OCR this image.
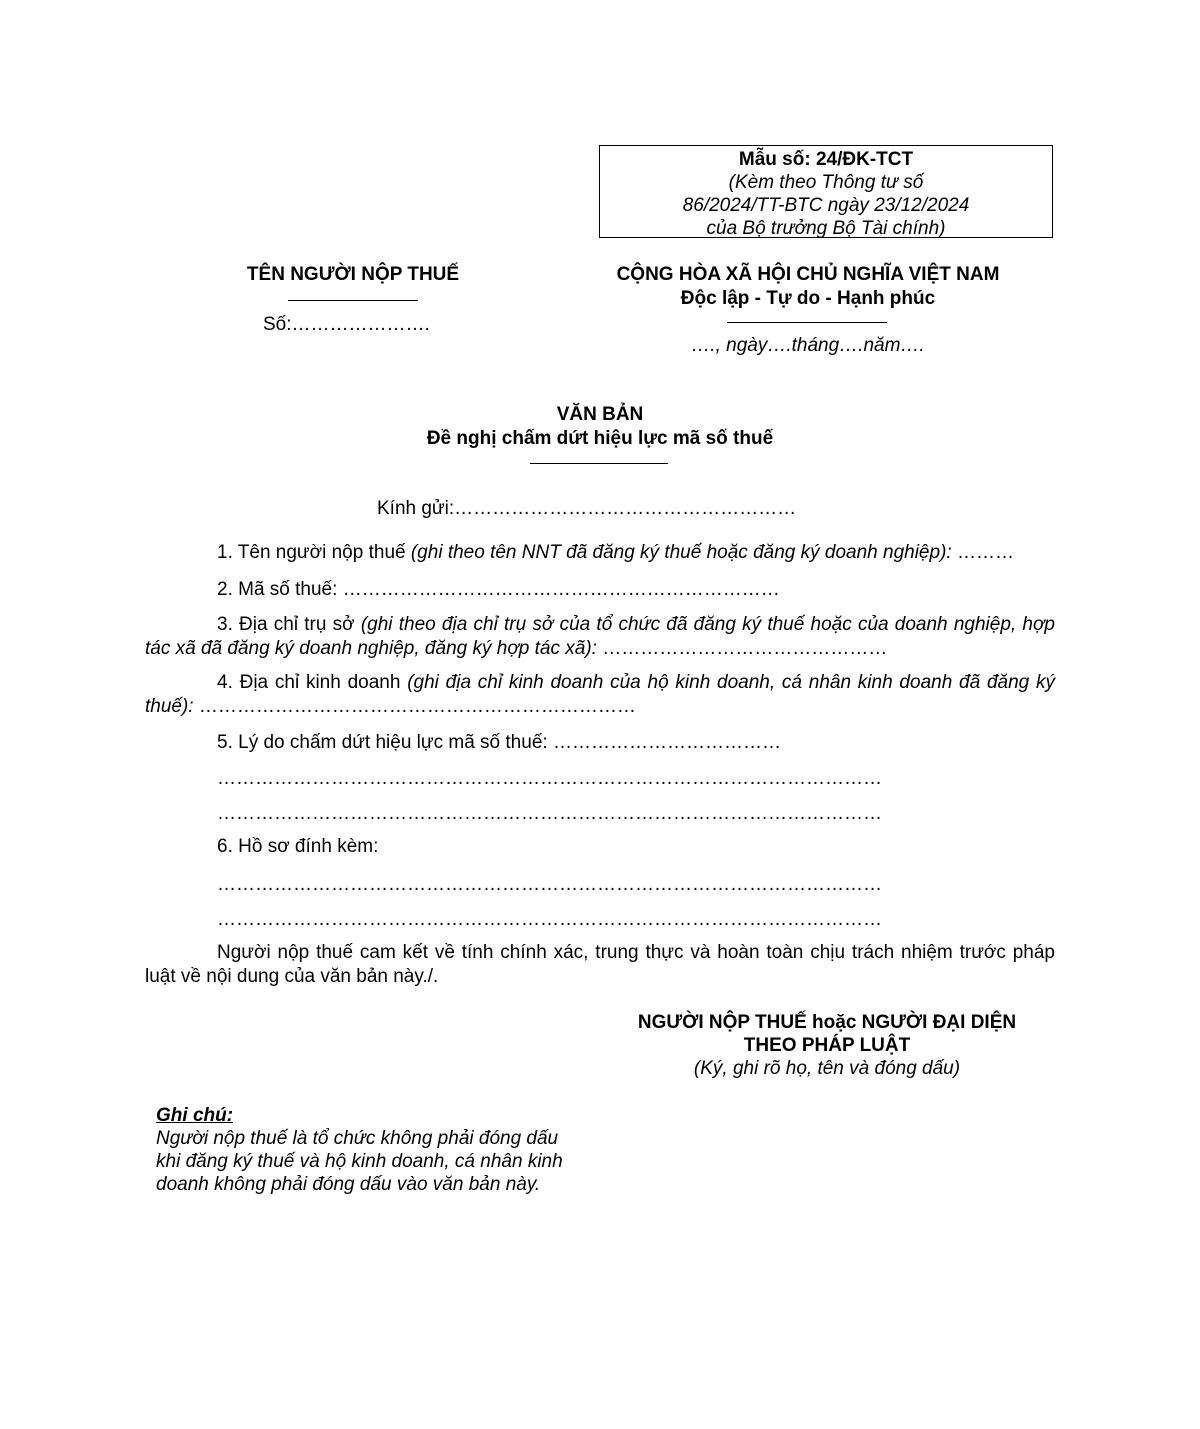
Mẫu số: 24/ĐK-TCT
(Kèm theo Thông tư số
86/2024/TT-BTC ngày 23/12/2024
của Bộ trưởng Bộ Tài chính)
TÊN NGƯỜI NỘP THUẾ
Số:………………….
CỘNG HÒA XÃ HỘI CHỦ NGHĨA VIỆT NAM
Độc lập - Tự do - Hạnh phúc
…., ngày….tháng….năm….
VĂN BẢN
Đề nghị chấm dứt hiệu lực mã số thuế
Kính gửi:………………………………………………
1. Tên người nộp thuế (ghi theo tên NNT đã đăng ký thuế hoặc đăng ký doanh nghiệp): ………
2. Mã số thuế: ……………………………………………………………
3. Địa chỉ trụ sở (ghi theo địa chỉ trụ sở của tổ chức đã đăng ký thuế hoặc của doanh nghiệp, hợp tác xã đã đăng ký doanh nghiệp, đăng ký hợp tác xã): ………………………………………
4. Địa chỉ kinh doanh (ghi địa chỉ kinh doanh của hộ kinh doanh, cá nhân kinh doanh đã đăng ký thuế): ……………………………………………………………
5. Lý do chấm dứt hiệu lực mã số thuế: ………………………………
……………………………………………………………………………………………
……………………………………………………………………………………………
6. Hồ sơ đính kèm:
……………………………………………………………………………………………
……………………………………………………………………………………………
Người nộp thuế cam kết về tính chính xác, trung thực và hoàn toàn chịu trách nhiệm trước pháp luật về nội dung của văn bản này./.
NGƯỜI NỘP THUẾ hoặc NGƯỜI ĐẠI DIỆN
THEO PHÁP LUẬT
(Ký, ghi rõ họ, tên và đóng dấu)
Ghi chú:
Người nộp thuế là tổ chức không phải đóng dấu
khi đăng ký thuế và hộ kinh doanh, cá nhân kinh
doanh không phải đóng dấu vào văn bản này.
